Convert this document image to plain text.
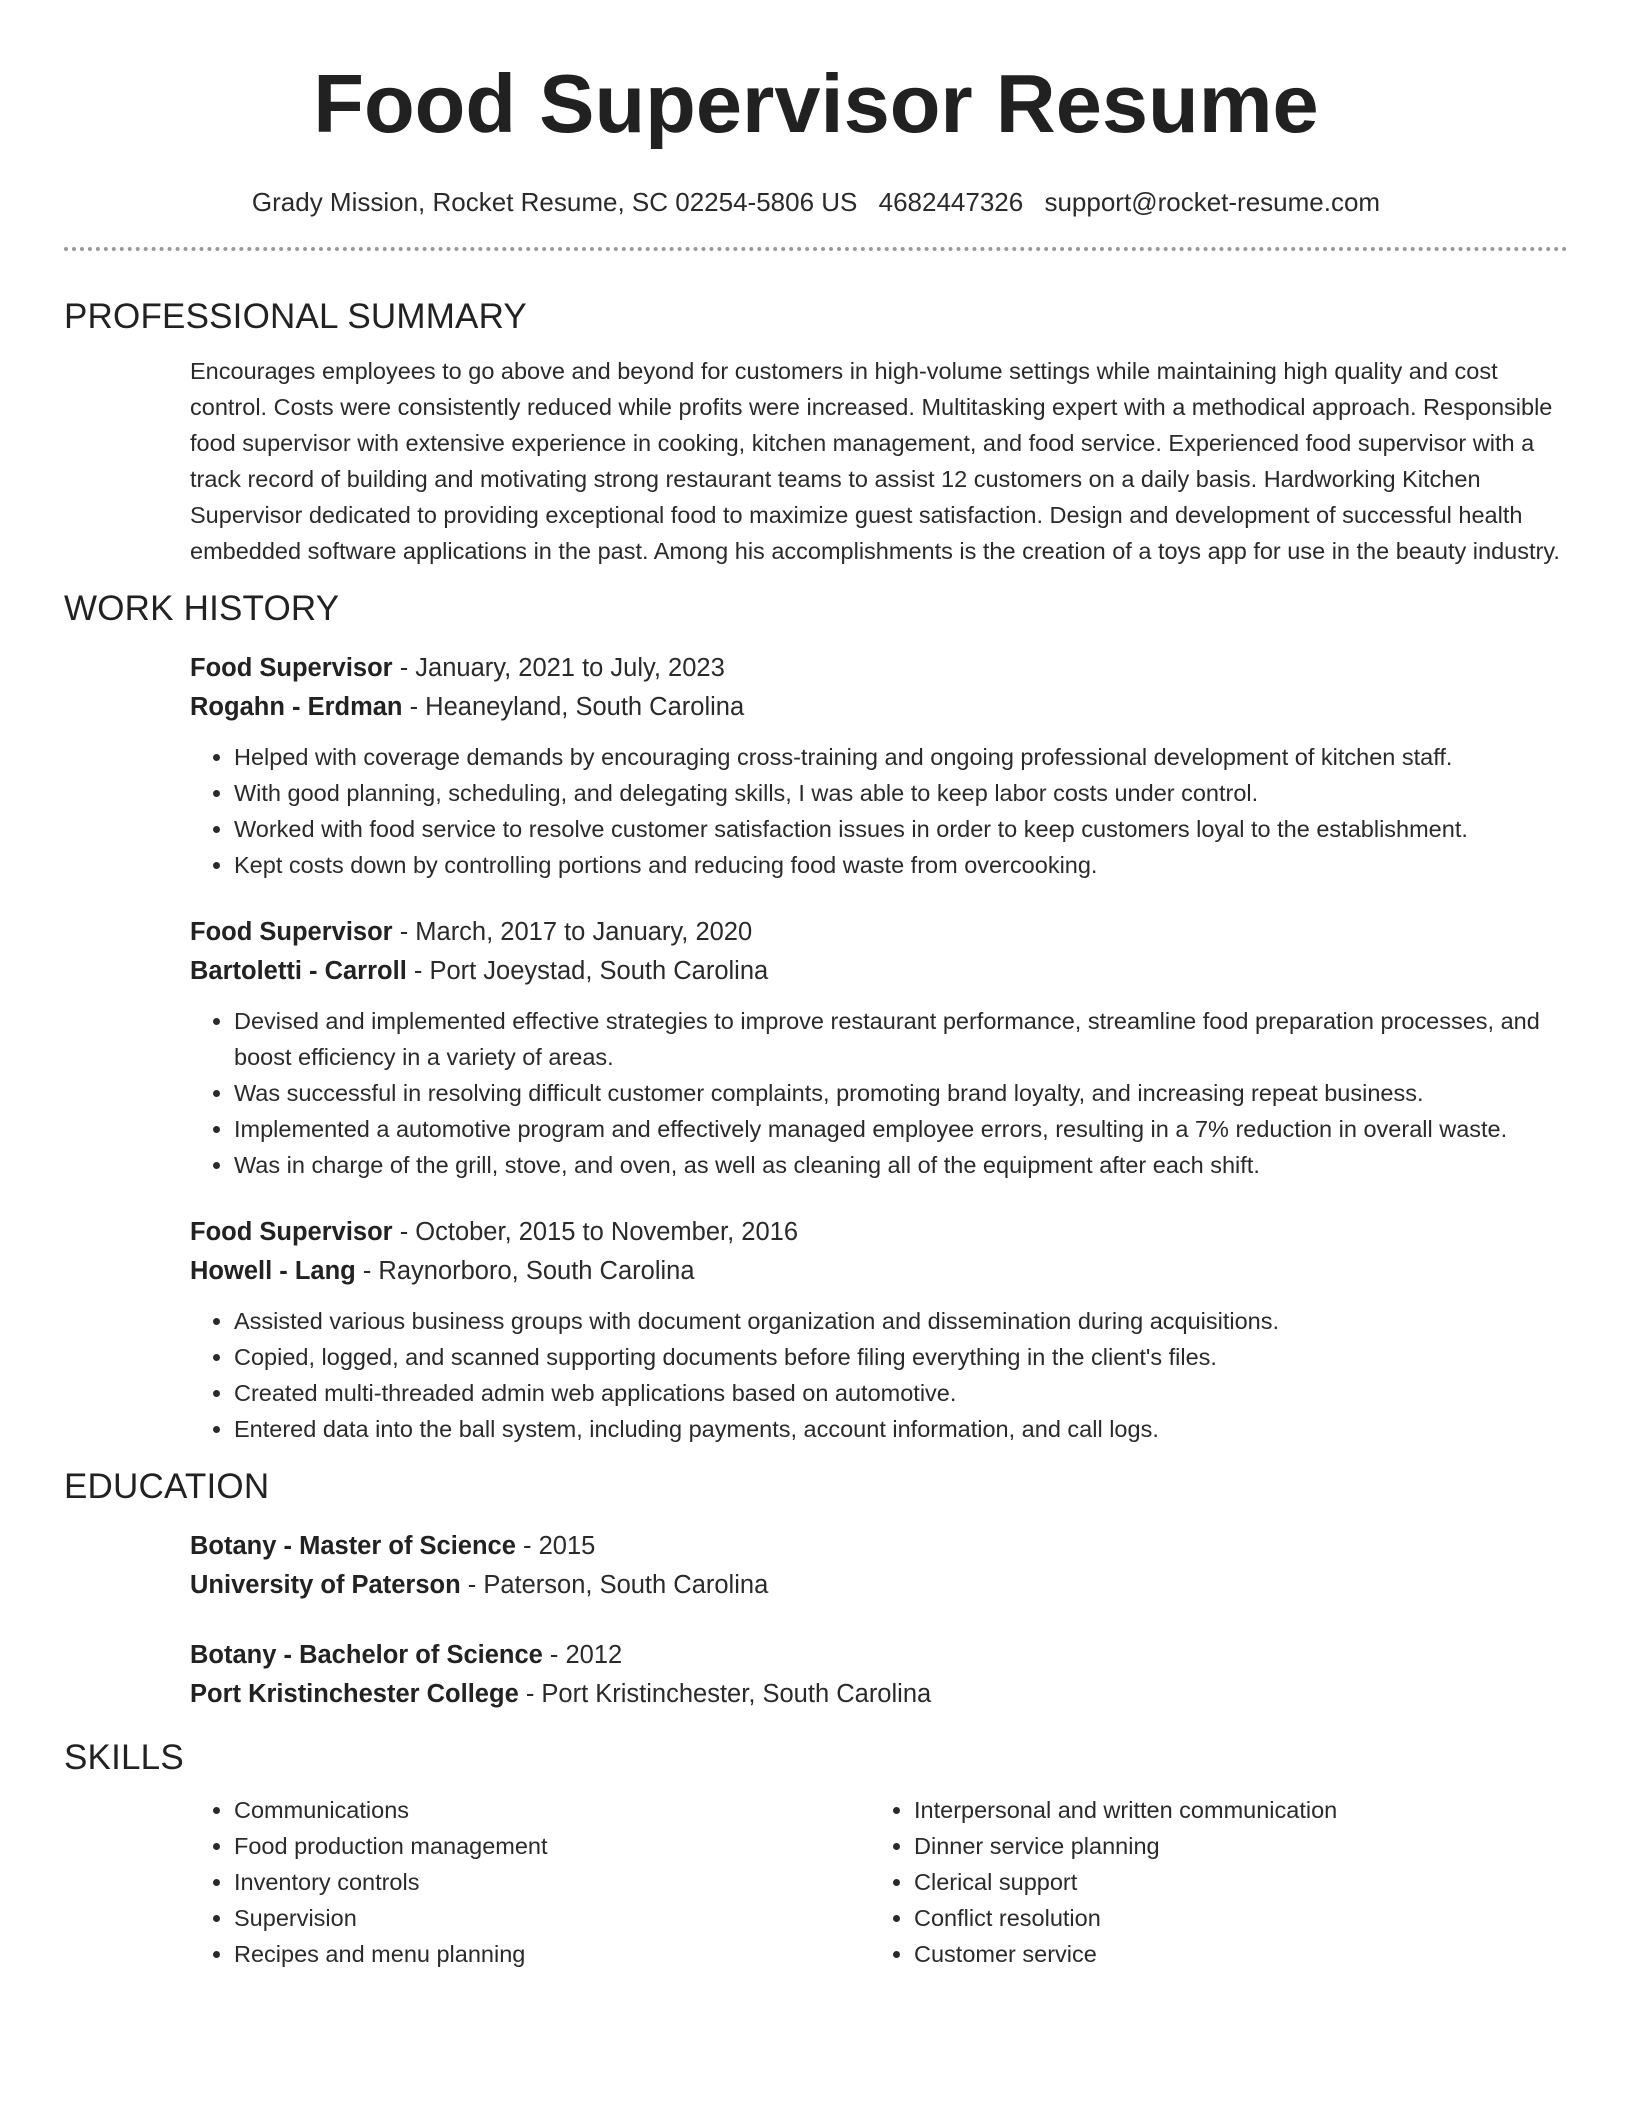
Food Supervisor Resume
Grady Mission, Rocket Resume, SC 02254-5806 US 4682447326 support@rocket-resume.com
PROFESSIONAL SUMMARY

Encourages employees to go above and beyond for customers in high-volume settings while maintaining high quality and cost control. Costs were consistently reduced while profits were increased. Multitasking expert with a methodical approach. Responsible food supervisor with extensive experience in cooking, kitchen management, and food service. Experienced food supervisor with a track record of building and motivating strong restaurant teams to assist 12 customers on a daily basis. Hardworking Kitchen Supervisor dedicated to providing exceptional food to maximize guest satisfaction. Design and development of successful health embedded software applications in the past. Among his accomplishments is the creation of a toys app for use in the beauty industry.

WORK HISTORY
Food Supervisor - January, 2021 to July, 2023
Rogahn - Erdman - Heaneyland, South Carolina
• Helped with coverage demands by encouraging cross-training and ongoing professional development of kitchen staff.
• With good planning, scheduling, and delegating skills, I was able to keep labor costs under control.
• Worked with food service to resolve customer satisfaction issues in order to keep customers loyal to the establishment.
• Kept costs down by controlling portions and reducing food waste from overcooking.
Food Supervisor - March, 2017 to January, 2020
Bartoletti - Carroll - Port Joeystad, South Carolina
• Devised and implemented effective strategies to improve restaurant performance, streamline food preparation processes, and boost efficiency in a variety of areas.
• Was successful in resolving difficult customer complaints, promoting brand loyalty, and increasing repeat business.
• Implemented a automotive program and effectively managed employee errors, resulting in a 7% reduction in overall waste.
• Was in charge of the grill, stove, and oven, as well as cleaning all of the equipment after each shift.
Food Supervisor - October, 2015 to November, 2016
Howell - Lang - Raynorboro, South Carolina
• Assisted various business groups with document organization and dissemination during acquisitions.
• Copied, logged, and scanned supporting documents before filing everything in the client's files.
• Created multi-threaded admin web applications based on automotive.
• Entered data into the ball system, including payments, account information, and call logs.
EDUCATION
Botany - Master of Science - 2015
University of Paterson - Paterson, South Carolina
Botany - Bachelor of Science - 2012
Port Kristinchester College - Port Kristinchester, South Carolina
SKILLS
• Communications
• Food production management
• Inventory controls
• Supervision
• Recipes and menu planning
• Interpersonal and written communication
• Dinner service planning
• Clerical support
• Conflict resolution
• Customer service
